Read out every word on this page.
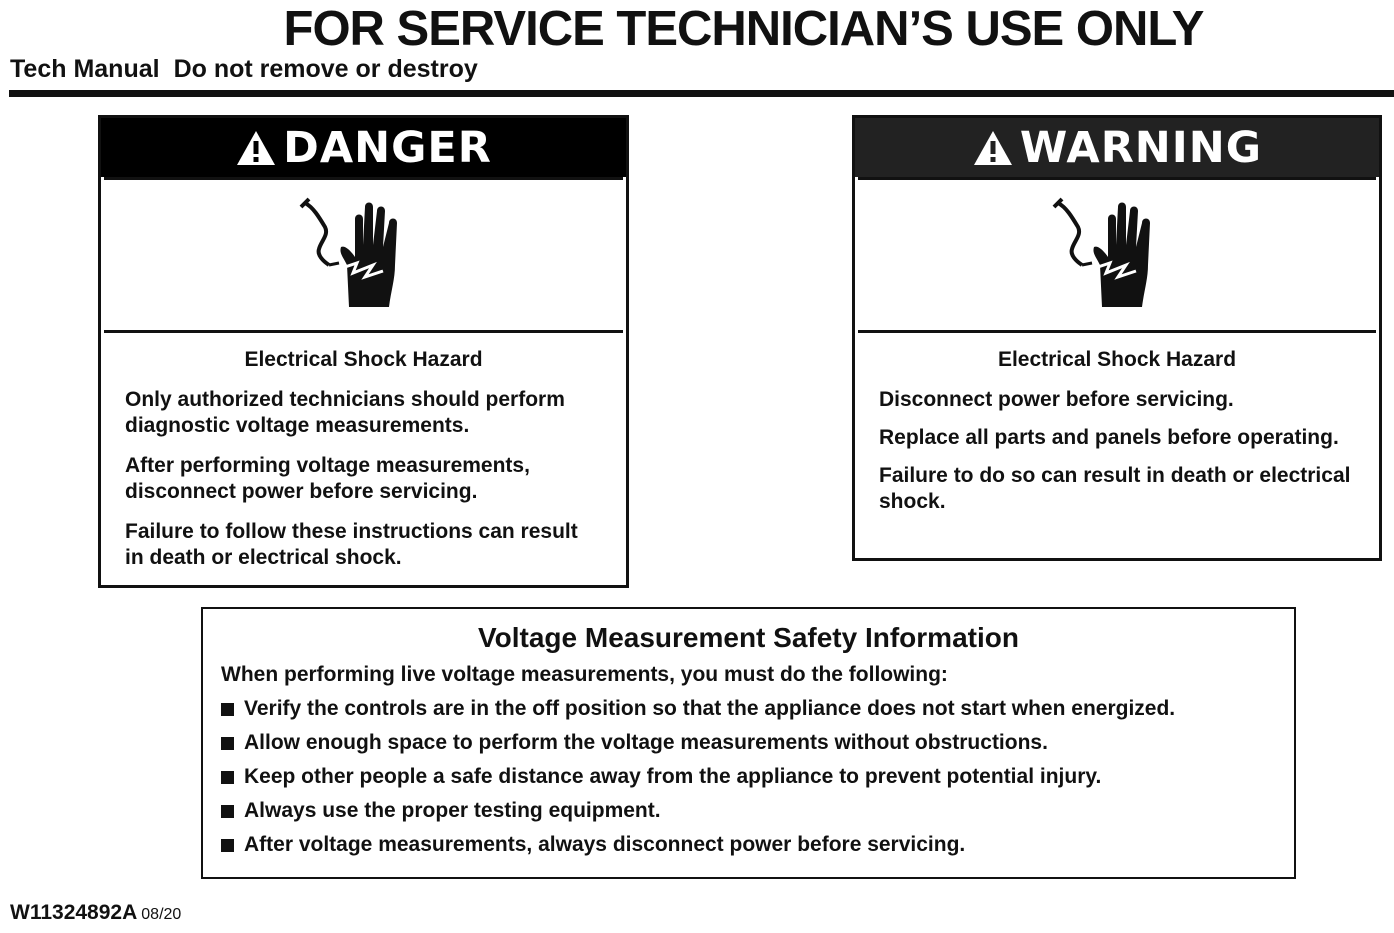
FOR SERVICE TECHNICIAN’S USE ONLY
Tech Manual Do not remove or destroy
DANGER
Electrical Shock Hazard

Only authorized technicians should perform diagnostic voltage measurements.

After performing voltage measurements, disconnect power before servicing.

Failure to follow these instructions can result in death or electrical shock.

WARNING
Electrical Shock Hazard

Disconnect power before servicing.

Replace all parts and panels before operating.

Failure to do so can result in death or electrical shock.

Voltage Measurement Safety Information
When performing live voltage measurements, you must do the following:
Verify the controls are in the off position so that the appliance does not start when energized.
Allow enough space to perform the voltage measurements without obstructions.
Keep other people a safe distance away from the appliance to prevent potential injury.
Always use the proper testing equipment.
After voltage measurements, always disconnect power before servicing.
W11324892A 08/20
